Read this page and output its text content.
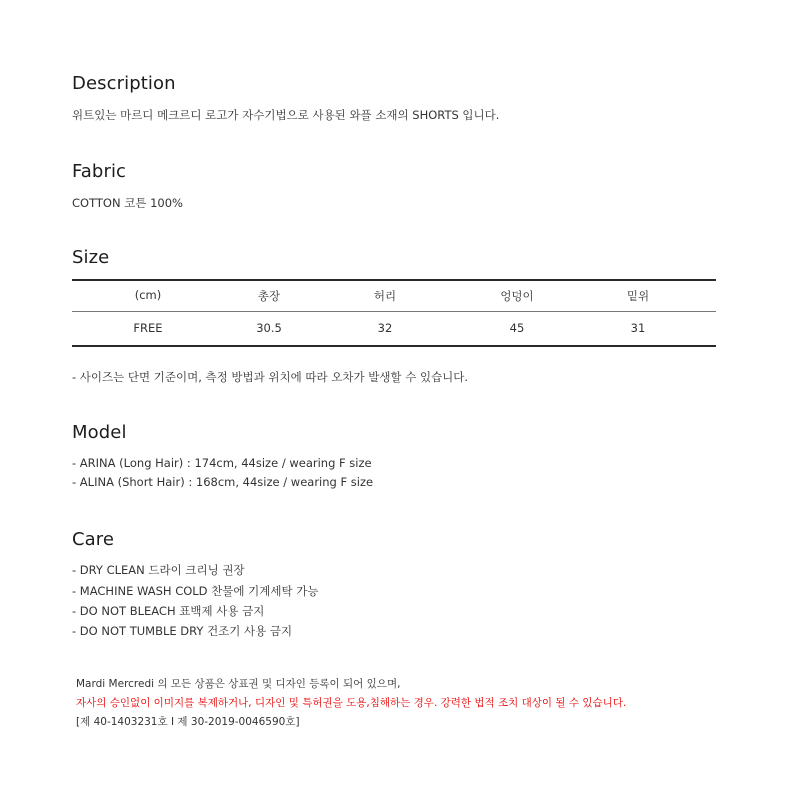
Description

위트있는 마르디 메크르디 로고가 자수기법으로 사용된 와플 소재의 SHORTS 입니다.

Fabric

COTTON 코튼 100%

Size
(cm)	총장	허리	엉덩이	밑위
FREE	30.5	32	45	31

- 사이즈는 단면 기준이며, 측정 방법과 위치에 따라 오차가 발생할 수 있습니다.

Model

- ARINA (Long Hair) : 174cm, 44size / wearing F size

- ALINA (Short Hair) : 168cm, 44size / wearing F size

Care

- DRY CLEAN 드라이 크리닝 권장

- MACHINE WASH COLD 찬물에 기계세탁 가능

- DO NOT BLEACH 표백제 사용 금지

- DO NOT TUMBLE DRY 건조기 사용 금지

Mardi Mercredi 의 모든 상품은 상표권 및 디자인 등록이 되어 있으며,

자사의 승인없이 이미지를 복제하거나, 디자인 및 특허권을 도용,침해하는 경우. 강력한 법적 조치 대상이 될 수 있습니다.

[제 40-1403231호 I 제 30-2019-0046590호]
